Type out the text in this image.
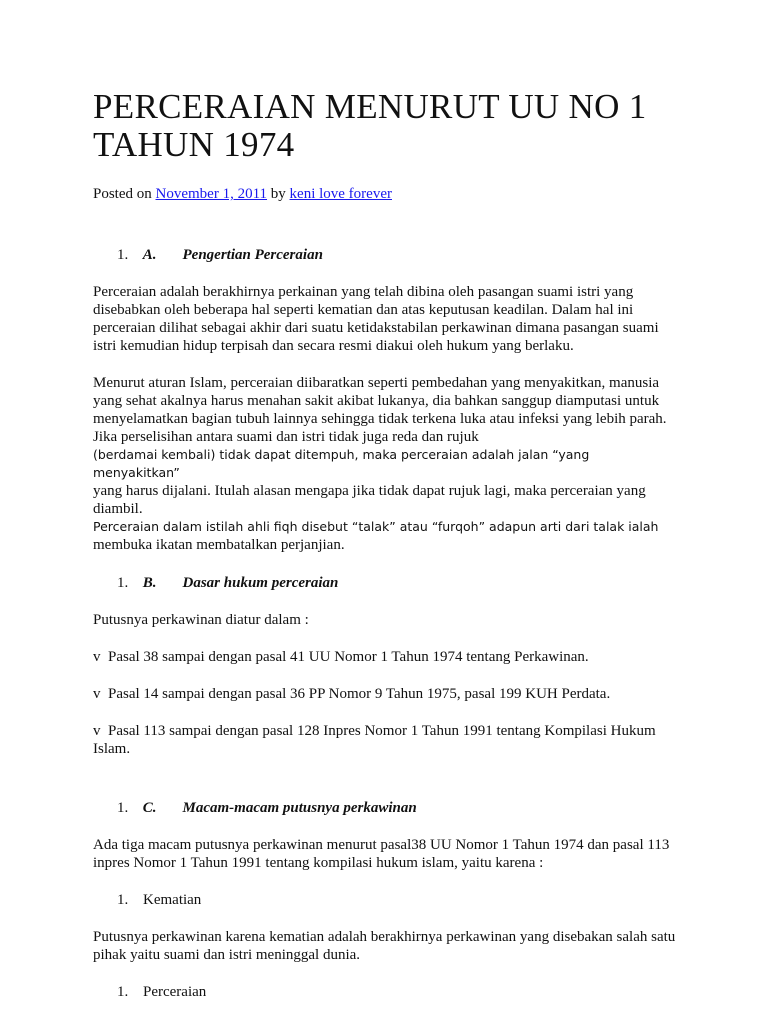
PERCERAIAN MENURUT UU NO 1 TAHUN 1974
Posted on November 1, 2011 by keni love forever
1. A. Pengertian Perceraian

Perceraian adalah berakhirnya perkainan yang telah dibina oleh pasangan suami istri yang disebabkan oleh beberapa hal seperti kematian dan atas keputusan keadilan. Dalam hal ini perceraian dilihat sebagai akhir dari suatu ketidakstabilan perkawinan dimana pasangan suami istri kemudian hidup terpisah dan secara resmi diakui oleh hukum yang berlaku.

Menurut aturan Islam, perceraian diibaratkan seperti pembedahan yang menyakitkan, manusia yang sehat akalnya harus menahan sakit akibat lukanya, dia bahkan sanggup diamputasi untuk menyelamatkan bagian tubuh lainnya sehingga tidak terkena luka atau infeksi yang lebih parah. Jika perselisihan antara suami dan istri tidak juga reda dan rujuk

(berdamai kembali) tidak dapat ditempuh, maka perceraian adalah jalan “yang menyakitkan”

yang harus dijalani. Itulah alasan mengapa jika tidak dapat rujuk lagi, maka perceraian yang diambil.

Perceraian dalam istilah ahli fiqh disebut “talak” atau “furqoh” adapun arti dari talak ialah

membuka ikatan membatalkan perjanjian.

1. B. Dasar hukum perceraian

Putusnya perkawinan diatur dalam :

v Pasal 38 sampai dengan pasal 41 UU Nomor 1 Tahun 1974 tentang Perkawinan.

v Pasal 14 sampai dengan pasal 36 PP Nomor 9 Tahun 1975, pasal 199 KUH Perdata.

v Pasal 113 sampai dengan pasal 128 Inpres Nomor 1 Tahun 1991 tentang Kompilasi Hukum Islam.

1. C. Macam-macam putusnya perkawinan

Ada tiga macam putusnya perkawinan menurut pasal38 UU Nomor 1 Tahun 1974 dan pasal 113 inpres Nomor 1 Tahun 1991 tentang kompilasi hukum islam, yaitu karena :

1. Kematian

Putusnya perkawinan karena kematian adalah berakhirnya perkawinan yang disebakan salah satu pihak yaitu suami dan istri meninggal dunia.

1. Perceraian
